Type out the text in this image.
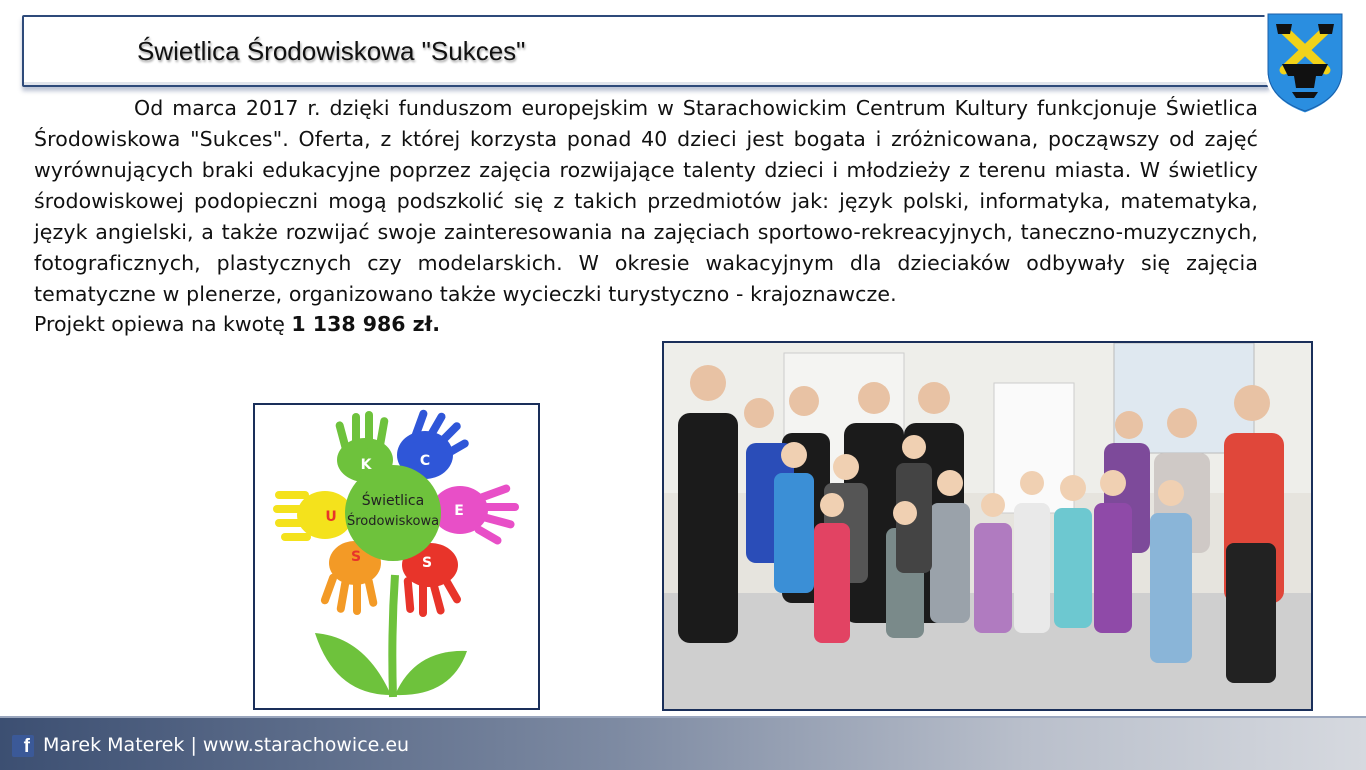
Świetlica Środowiskowa "Sukces"

Od marca 2017 r. dzięki funduszom europejskim w Starachowickim Centrum Kultury funkcjonuje Świetlica Środowiskowa "Sukces". Oferta, z której korzysta ponad 40 dzieci jest bogata i zróżnicowana, począwszy od zajęć wyrównujących braki edukacyjne poprzez zajęcia rozwijające talenty dzieci i młodzieży z terenu miasta. W świetlicy środowiskowej podopieczni mogą podszkolić się z takich przedmiotów jak: język polski, informatyka, matematyka, język angielski, a także rozwijać swoje zainteresowania na zajęciach sportowo-rekreacyjnych, taneczno-muzycznych, fotograficznych, plastycznych czy modelarskich. W okresie wakacyjnym dla dzieciaków odbywały się zajęcia tematyczne w plenerze, organizowano także wycieczki turystyczno - krajoznawcze.

Projekt opiewa na kwotę 1 138 986 zł.
Świetlica
Środowiskowa
K	C
U	E
S	S
f Marek Materek | www.starachowice.eu
